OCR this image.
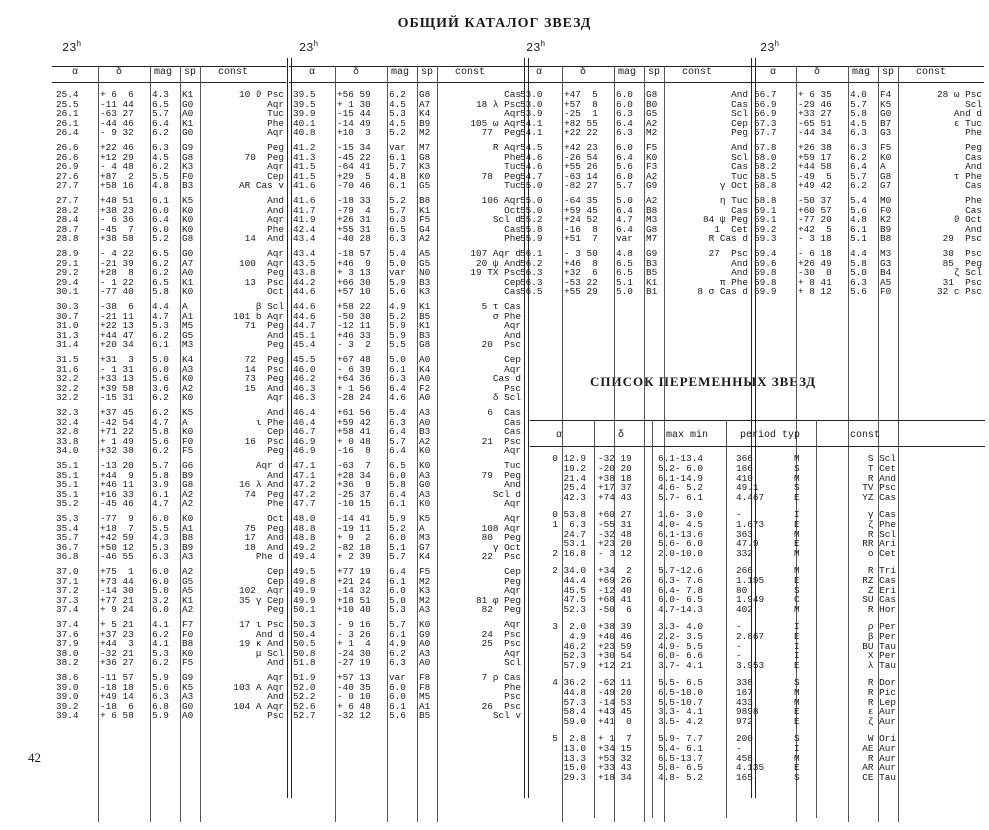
ОБЩИЙ КАТАЛОГ ЗВЕЗД
СПИСОК ПЕРЕМЕННЫХ ЗВЕЗД
42
23$^h$	23$^h$	23$^h$	23$^h$
α	δ	mag sp const
25.4 + 6  6 4.3 K1	10 ϑ Psc
25.5 -11 44 6.5 G0	Aqr
26.1 -63 27 5.7 A0	Tuc
26.1 -44 46 6.4 K1	Phe
26.4 - 9 32 6.2 G0	Aqr
26.6 +22 46 6.3 G9	Peg
26.6 +12 29 4.5 G8	70  Peg
26.9 - 4 48 6.2 K3	Aqr
27.6 +87  2 5.5 F0	Cep
27.7 +58 16 4.8 B3	AR Cas v
27.7 +48 51 6.1 K5	And
28.2 +38 23 6.0 K0	And
28.4 - 6 36 6.4 K0	Aqr
28.7 -45  7 6.0 K0	Phe
28.8 +38 58 5.2 G8	14  And
28.9 - 4 22 6.5 G0	Aqr
29.1 -21 39 6.2 A7	100  Aqr
29.2 +28  8 6.2 A0	Peg
29.4 - 1 22 6.5 K1	13  Psc
30.1 -77 40 5.8 K0	Oct
30.3 -38  6 4.4 A	β Scl
30.7 -21 11 4.7 A1	101 b Aqr
31.0 +22 13 5.3 M5	71  Peg
31.3 +44 47 6.2 G5	And
31.4 +20 34 6.1 M3	Peg
31.5 +31  3 5.0 K4	72  Peg
31.6 - 1 31 6.0 A3	14  Psc
32.2 +33 13 5.6 K0	73  Peg
32.2 +39 58 3.6 A2	15  And
32.2 -15 31 6.2 K0	Aqr
32.3 +37 45 6.2 K5	And
32.4 -42 54 4.7 A	ι Phe
32.8 +71 22 5.8 K0	Cep
33.8 + 1 49 5.6 F0	16  Psc
34.0 +32 38 6.2 F5	Peg
35.1 -13 20 5.7 G6	Aqr d
35.1 +44  9 5.8 B9	And
35.1 +46 11 3.9 G8	16 λ And
35.1 +16 33 6.1 A2	74  Peg
35.2 -45 46 4.7 A2	Phe
35.3 -77  9 6.0 K0	Oct
35.4 +18  7 5.5 A1	75  Peg
35.7 +42 59 4.3 B8	17  And
36.7 +50 12 5.3 B9	18  And
36.8 -46 55 6.3 A3	Phe d
37.0 +75  1 6.0 A2	Cep
37.1 +73 44 6.0 G5	Cep
37.2 -14 30 5.0 A5	102  Aqr
37.3 +77 21 3.2 K1	35 γ Cep
37.4 + 9 24 6.0 A2	Peg
37.4 + 5 21 4.1 F7	17 ι Psc
37.6 +37 23 6.2 F0	And d
37.9 +44  3 4.1 B8	19 κ And
38.0 -32 21 5.3 K0	μ Scl
38.2 +36 27 6.2 F5	And
38.6 -11 57 5.9 G9	Aqr
39.0 -18 18 5.6 K5	103 A Aqr
39.0 +49 14 6.3 A3	And
39.2 -18  6 6.8 G0	104 A Aqr
39.4 + 6 58 5.9 A0	Psc
α	δ	mag sp const
39.5 +56 59 6.2 G8	Cas
39.5 + 1 30 4.5 A7	18 λ Psc
39.9 -15 44 5.3 K4	Aqr
40.1 -14 49 4.5 B9	105 ω Aqr
40.8 +10  3 5.2 M2	77  Peg
41.2 -15 34 var M7	R Aqr
41.3 -45 22 6.1 G8	Phe
41.5 -64 41 5.7 K3	Tuc
41.5 +29  5 4.8 K0	78  Peg
41.6 -70 46 6.1 G5	Tuc
41.6 -18 33 5.2 B8	106 Aqr
41.7 -79  4 5.7 K1	Oct
41.9 +26 31 6.3 F5	Scl d
42.4 +55 31 6.5 G4	Cas
43.4 -40 28 6.3 A2	Phe
43.4 -18 57 5.4 A5	107 Aqr d
43.5 +46  9 5.0 G5	20 ψ And
43.8 + 3 13 var N0	19 TX Psc
44.2 +66 30 5.9 B3	Cep
44.6 +57 10 5.6 K3	Cas
44.6 +58 22 4.9 K1	5 τ Cas
44.6 -50 30 5.2 B5	σ Phe
44.7 -12 11 5.9 K1	Aqr
45.1 +46 33 5.9 B3	And
45.4 - 3  2 5.5 G8	20  Psc
45.5 +67 48 5.0 A0	Cep
46.0 - 6 39 6.1 K4	Aqr
46.2 +64 36 6.3 A0	Cas d
46.3 + 1 56 6.4 F2	Psc
46.3 -28 24 4.6 A0	δ Scl
46.4 +61 56 5.4 A3	6  Cas
46.4 +59 42 6.3 A0	Cas
46.7 +58 41 6.4 B3	Cas
46.9 + 0 48 5.7 A2	21  Psc
46.9 -16  8 6.4 K0	Aqr
47.1 -63  7 6.5 K0	Tuc
47.1 +28 34 6.0 A3	79  Peg
47.2 +36  9 5.8 G0	And
47.2 -25 37 6.4 A3	Scl d
47.7 -10 15 6.1 K0	Aqr
48.0 -14 41 5.9 K5	Aqr
48.8 -19 11 5.2 A	108 Aqr
48.8 + 9  2 6.0 M3	80  Peg
49.2 -82 18 5.1 G7	γ Oct
49.4 + 2 39 5.7 K4	22  Psc
49.5 +77 19 6.4 F5	Cep
49.8 +21 24 6.1 M2	Peg
49.9 -14 32 6.0 K3	Aqr
49.9 +18 51 5.0 M2	81 φ Peg
50.1 +10 40 5.3 A3	82  Peg
50.3 - 9 16 5.7 K0	Aqr
50.4 - 3 26 6.1 G9	24  Psc
50.5 + 1  4 4.9 A0	25  Psc
50.8 -24 30 6.2 A3	Aqr
51.8 -27 19 6.3 A0	Scl
51.9 +57 13 var F8	7 ρ Cas
52.0 -40 35 6.0 F8	Phe
52.2 - 0 10 6.0 M5	Psc
52.6 + 6 48 6.1 A1	26  Psc
52.7 -32 12 5.6 B5	Scl v
α	δ	mag sp const
53.0 +47  5 6.0 G8	And
53.0 +57  8 6.0 B0	Cas
53.9 -25  1 6.3 G5	Scl
54.1 +82 55 6.4 A2	Cep
54.1 +22 22 6.3 M2	Peg
54.5 +42 23 6.0 F5	And
54.6 -26 54 6.4 K0	Scl
54.6 +55 26 5.6 F3	Cas
54.7 -63 14 6.0 A2	Tuc
55.0 -82 27 5.7 G9	γ Oct
55.0 -64 35 5.0 A2	η Tuc
55.0 +59 45 6.4 B8	Cas
55.2 +24 52 4.7 M3	84 ψ Peg
55.8 -16  8 6.4 G8	1  Cet
55.9 +51  7 var M7	R Cas d
56.1 - 3 50 4.8 G9	27  Psc
56.2 +46  8 6.5 B3	And
56.3 +32  6 6.5 B5	And
56.3 -53 22 5.1 K1	π Phe
56.5 +55 29 5.0 B1	8 σ Cas d
α	δ	mag sp const
56.7 + 6 35 4.0 F4	28 ω Psc
56.9 -29 46 5.7 K5	Scl
56.9 +33 27 5.8 G0	And d
57.3 -65 51 4.5 B7	ε Tuc
57.7 -44 34 6.3 G3	Phe
57.8 +26 38 6.3 F5	Peg
58.0 +59 17 6.2 K0	Cas
58.2 +44 58 6.4 A	And
58.5 -49  5 5.7 G8	τ Phe
58.8 +49 42 6.2 G7	Cas
58.8 -50 37 5.4 M0	Phe
59.1 +60 57 5.6 F0	Cas
59.1 -77 20 4.8 K2	ϑ Oct
59.2 +42  5 6.1 B9	And
59.3 - 3 18 5.1 B8	29  Psc
59.4 - 6 18 4.4 M3	30  Psc
59.6 +26 49 5.8 G3	85  Peg
59.8 -30  0 5.0 B4	ζ Scl
59.8 + 8 41 6.3 A5	31  Psc
59.9 + 8 12 5.6 F0	32 c Psc
α	δ	max min	period typ	const
0 12.9 -32 19	6.1-13.4	366	M	S Scl
19.2 -20 20	5.2- 6.0	166	S	T Cet
21.4 +38 18	6.1-14.9	410	M	R And
25.4 +17 37	4.6- 5.2	49.1	S	TV Psc
42.3 +74 43	5.7- 6.1	4.467	E	YZ Cas
0 53.8 +60 27	1.6- 3.0	-	I	γ Cas
1  6.3 -55 31	4.0- 4.5	1.673	E	ζ Phe
24.7 -32 48	6.1-13.6	363	M	R Scl
53.1 +23 20	5.6- 6.0	47.9	E	RR Ari
2 16.8 - 3 12	2.0-10.0	332	M	o Cet
2 34.0 +34  2	5.7-12.6	266	M	R Tri
44.4 +69 26	6.3- 7.6	1.195	E	RZ Cas
45.5 -12 40	6.4- 7.8	80	S	Z Eri
47.5 +68 41	6.0- 6.5	1.949	C	SU Cas
52.3 -50  6	4.7-14.3	402	M	R Hor
3  2.0 +38 39	3.3- 4.0	-	I	ρ Per
4.9 +40 46	2.2- 3.5	2.867	E	β Per
46.2 +23 59	4.9- 5.5	-	I	BU Tau
52.3 +30 54	6.0- 6.6	-	I	X Per
57.9 +12 21	3.7- 4.1	3.953	E	λ Tau
4 36.2 -62 11	5.5- 6.5	338	S	R Dor
44.8 -49 20	6.5-10.0	167	M	R Pic
57.3 -14 53	5.5-10.7	433	M	R Lep
58.4 +43 45	3.3- 4.1	9898	E	ε Aur
59.0 +41  0	3.5- 4.2	972	E	ζ Aur
5  2.8 + 1  7	5.9- 7.7	200	S	W Ori
13.0 +34 15	5.4- 6.1	-	I	AE Aur
13.3 +53 32	6.5-13.7	458	M	R Aur
15.0 +33 43	5.8- 6.5	4.135	E	AR Aur
29.3 +18 34	4.8- 5.2	165	S	CE Tau
